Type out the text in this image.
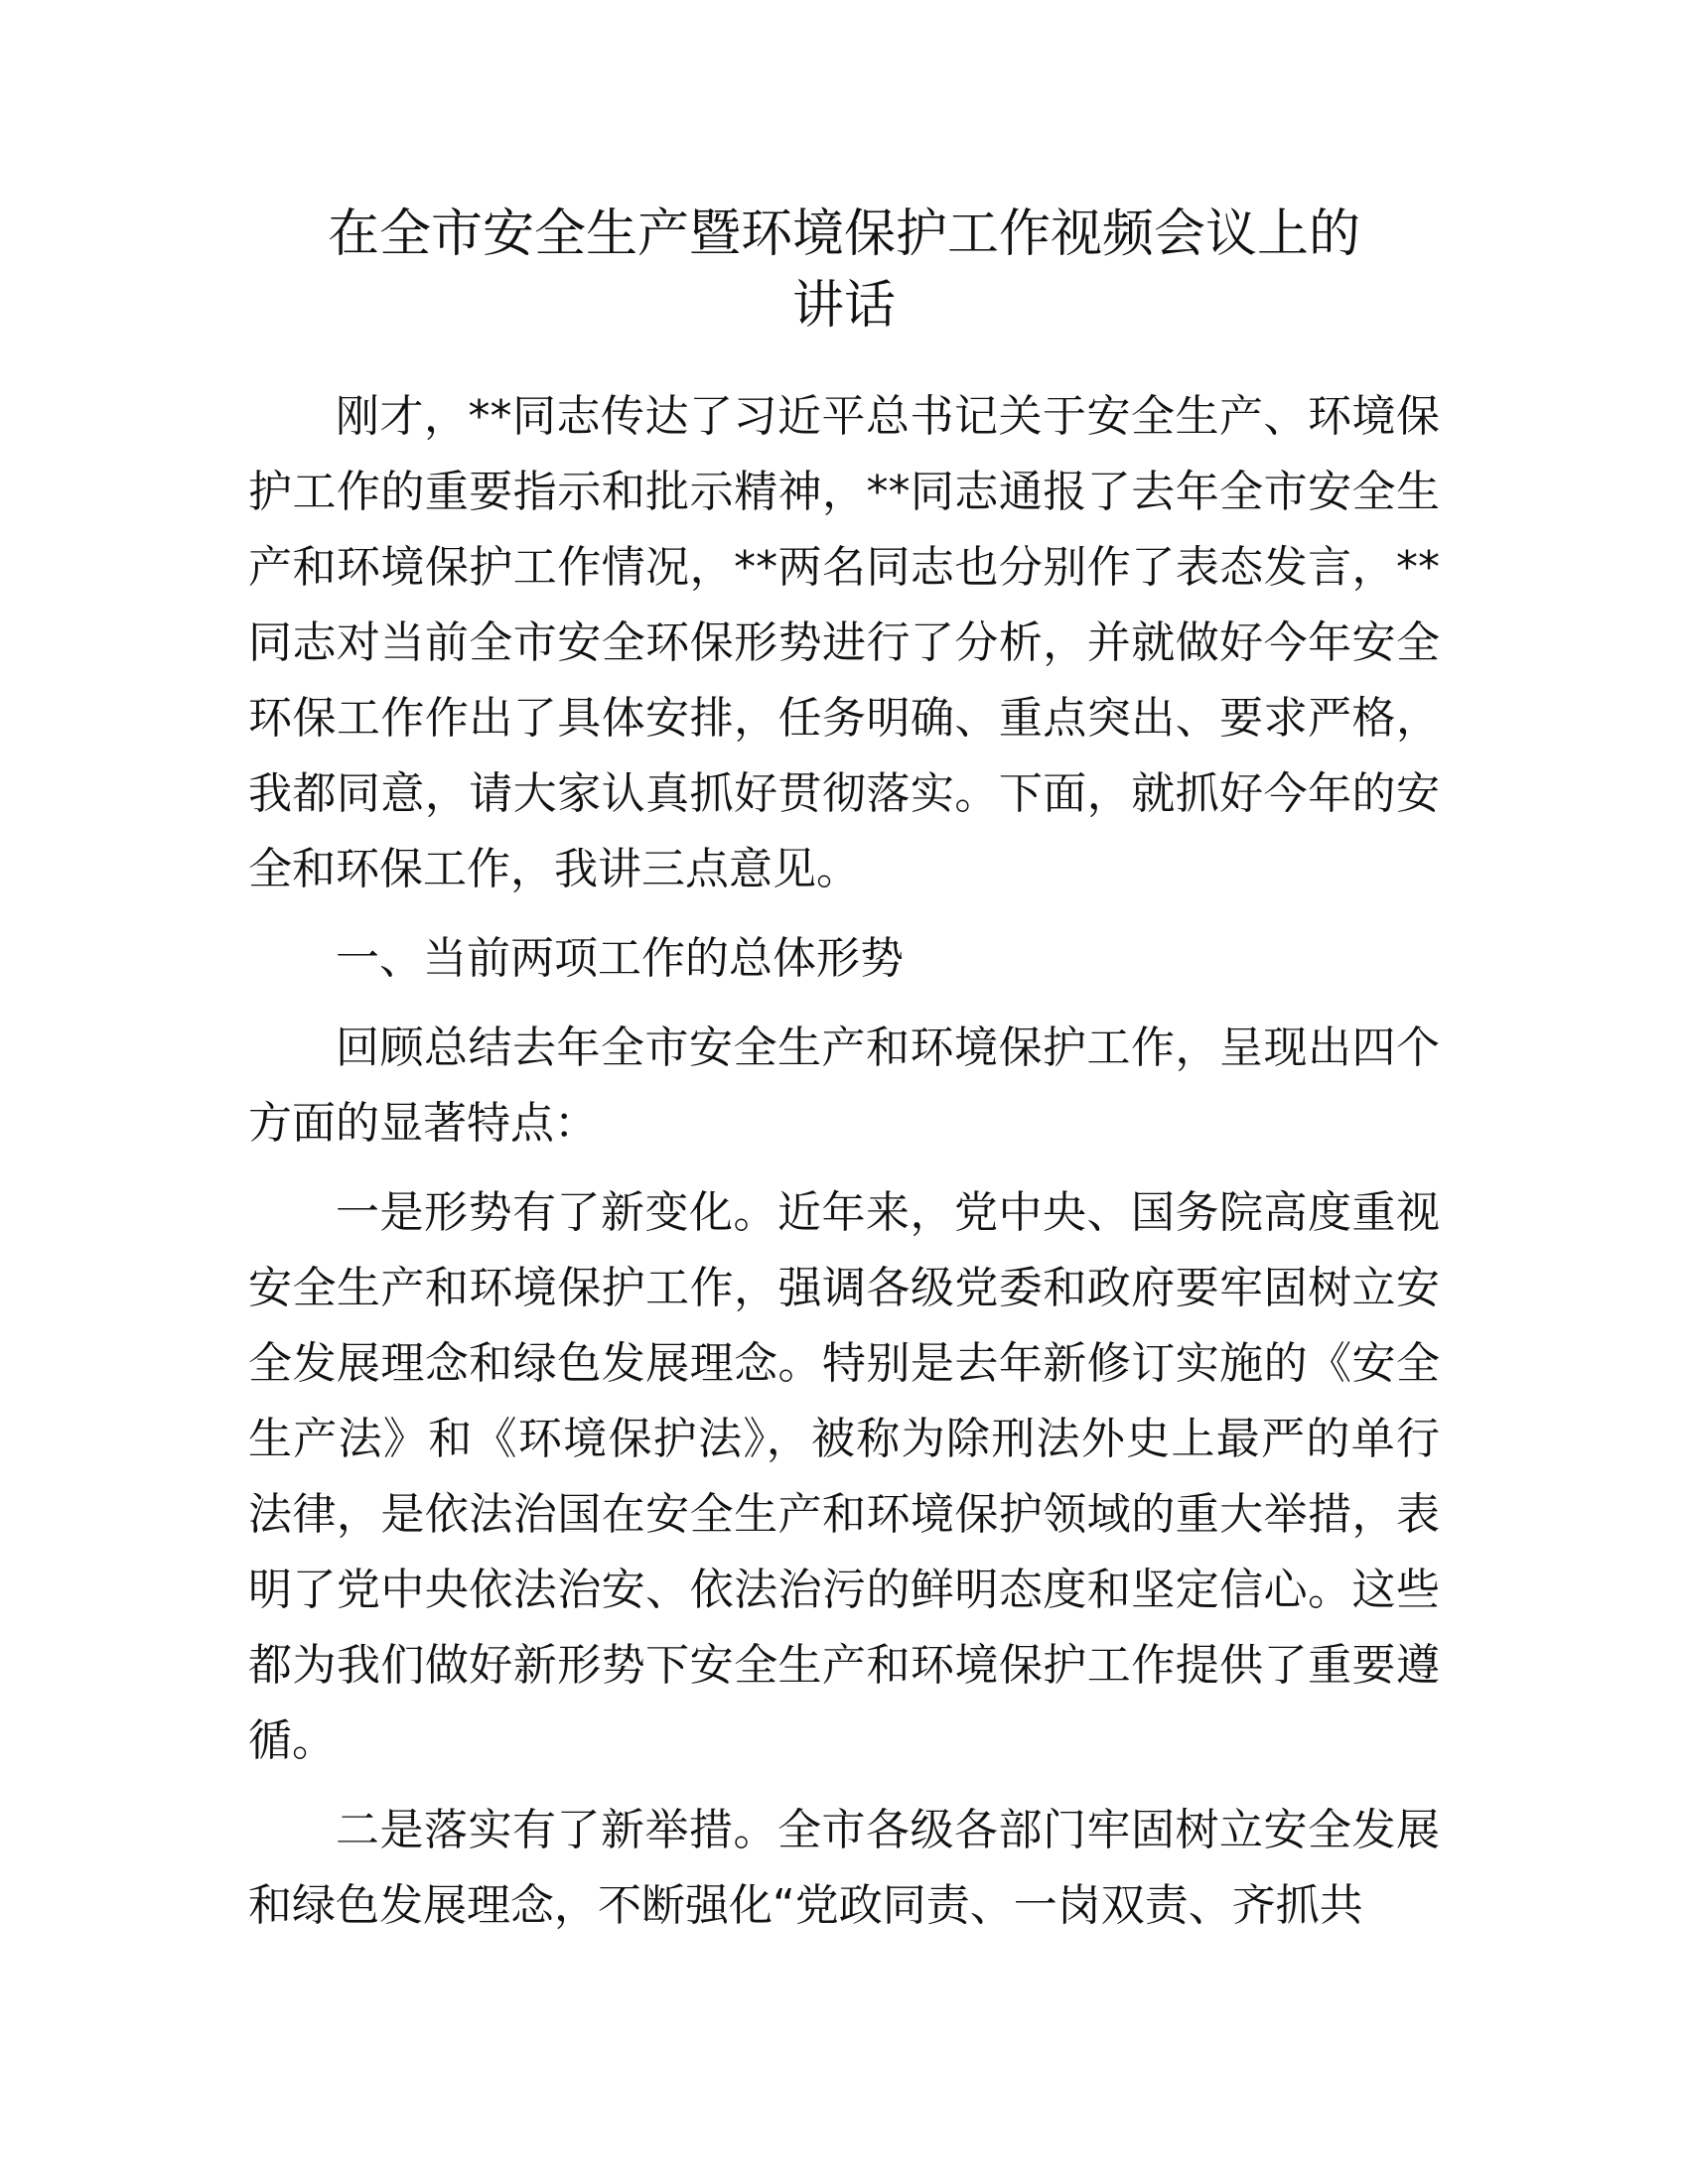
在全市安全生产暨环境保护工作视频会议上的
讲话

刚才，**同志传达了习近平总书记关于安全生产、环境保护工作的重要指示和批示精神，**同志通报了去年全市安全生产和环境保护工作情况，**两名同志也分别作了表态发言，**同志对当前全市安全环保形势进行了分析，并就做好今年安全环保工作作出了具体安排，任务明确、重点突出、要求严格，我都同意，请大家认真抓好贯彻落实。下面，就抓好今年的安全和环保工作，我讲三点意见。

一、当前两项工作的总体形势

回顾总结去年全市安全生产和环境保护工作，呈现出四个方面的显著特点：

一是形势有了新变化。近年来，党中央、国务院高度重视安全生产和环境保护工作，强调各级党委和政府要牢固树立安全发展理念和绿色发展理念。特别是去年新修订实施的《安全生产法》和《环境保护法》，被称为除刑法外史上最严的单行法律，是依法治国在安全生产和环境保护领域的重大举措，表明了党中央依法治安、依法治污的鲜明态度和坚定信心。这些都为我们做好新形势下安全生产和环境保护工作提供了重要遵循。

二是落实有了新举措。全市各级各部门牢固树立安全发展和绿色发展理念，不断强化“党政同责、一岗双责、齐抓共
